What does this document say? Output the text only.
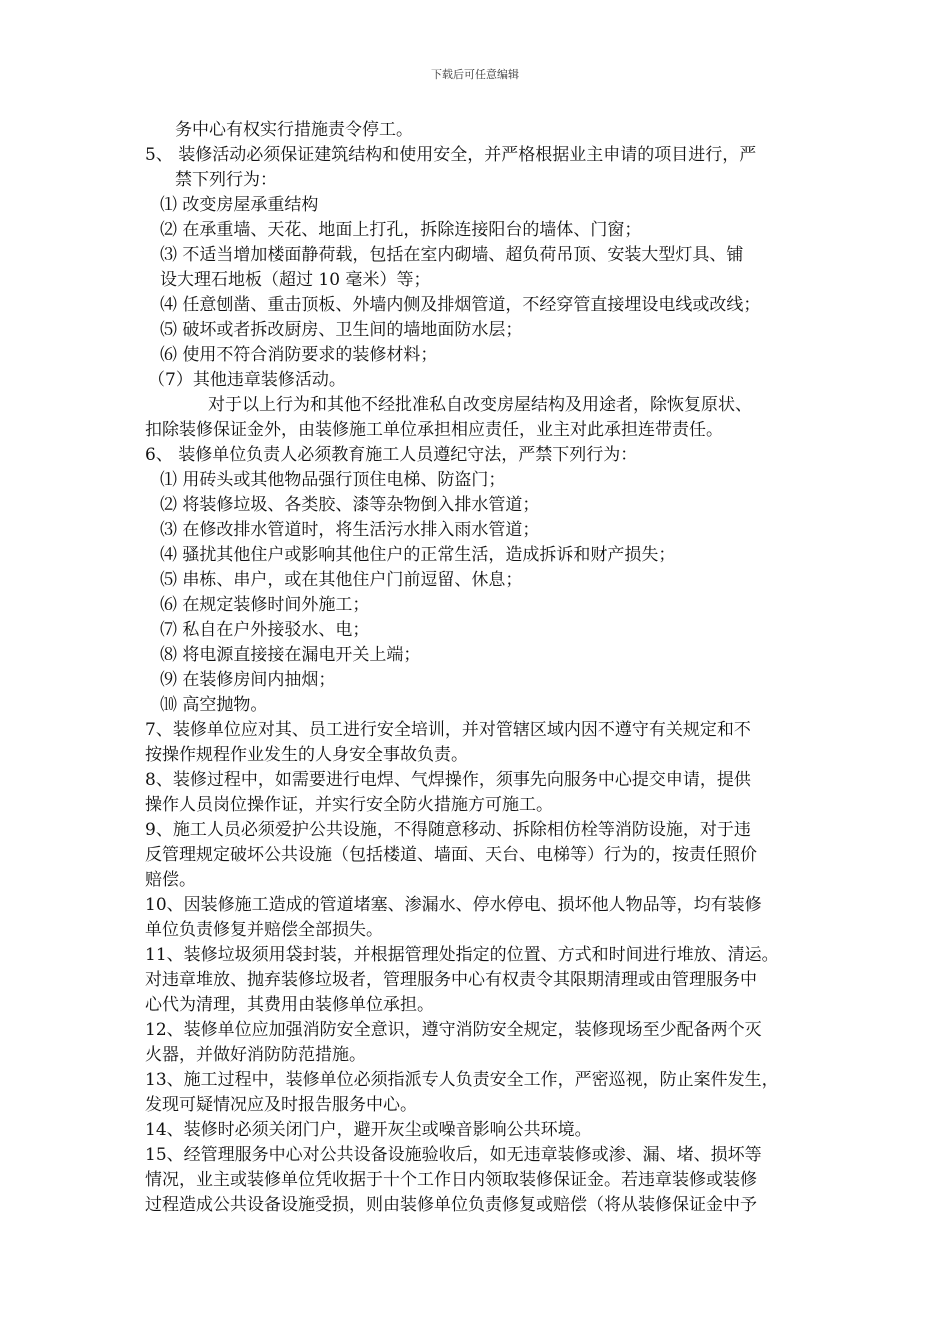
下载后可任意编辑
务中心有权实行措施责令停工。
5、 装修活动必须保证建筑结构和使用安全，并严格根据业主申请的项目进行，严
禁下列行为：
⑴ 改变房屋承重结构
⑵ 在承重墙、天花、地面上打孔，拆除连接阳台的墙体、门窗；
⑶ 不适当增加楼面静荷载，包括在室内砌墙、超负荷吊顶、安装大型灯具、铺
设大理石地板（超过 10 毫米）等；
⑷ 任意刨凿、重击顶板、外墙内侧及排烟管道，不经穿管直接埋设电线或改线；
⑸ 破坏或者拆改厨房、卫生间的墙地面防水层；
⑹ 使用不符合消防要求的装修材料；
（7）其他违章装修活动。
对于以上行为和其他不经批准私自改变房屋结构及用途者，除恢复原状、
扣除装修保证金外，由装修施工单位承担相应责任，业主对此承担连带责任。
6、 装修单位负责人必须教育施工人员遵纪守法，严禁下列行为：
⑴ 用砖头或其他物品强行顶住电梯、防盗门；
⑵ 将装修垃圾、各类胶、漆等杂物倒入排水管道；
⑶ 在修改排水管道时，将生活污水排入雨水管道；
⑷ 骚扰其他住户或影响其他住户的正常生活，造成拆诉和财产损失；
⑸ 串栋、串户，或在其他住户门前逗留、休息；
⑹ 在规定装修时间外施工；
⑺ 私自在户外接驳水、电；
⑻ 将电源直接接在漏电开关上端；
⑼ 在装修房间内抽烟；
⑽ 高空抛物。
7、装修单位应对其、员工进行安全培训，并对管辖区域内因不遵守有关规定和不
按操作规程作业发生的人身安全事故负责。
8、装修过程中，如需要进行电焊、气焊操作，须事先向服务中心提交申请，提供
操作人员岗位操作证，并实行安全防火措施方可施工。
9、施工人员必须爱护公共设施，不得随意移动、拆除相仿栓等消防设施，对于违
反管理规定破坏公共设施（包括楼道、墙面、天台、电梯等）行为的，按责任照价
赔偿。
10、因装修施工造成的管道堵塞、渗漏水、停水停电、损坏他人物品等，均有装修
单位负责修复并赔偿全部损失。
11、装修垃圾须用袋封装，并根据管理处指定的位置、方式和时间进行堆放、清运。
对违章堆放、抛弃装修垃圾者，管理服务中心有权责令其限期清理或由管理服务中
心代为清理，其费用由装修单位承担。
12、装修单位应加强消防安全意识，遵守消防安全规定，装修现场至少配备两个灭
火器，并做好消防防范措施。
13、施工过程中，装修单位必须指派专人负责安全工作，严密巡视，防止案件发生，
发现可疑情况应及时报告服务中心。
14、装修时必须关闭门户，避开灰尘或噪音影响公共环境。
15、经管理服务中心对公共设备设施验收后，如无违章装修或渗、漏、堵、损坏等
情况，业主或装修单位凭收据于十个工作日内领取装修保证金。若违章装修或装修
过程造成公共设备设施受损，则由装修单位负责修复或赔偿（将从装修保证金中予
